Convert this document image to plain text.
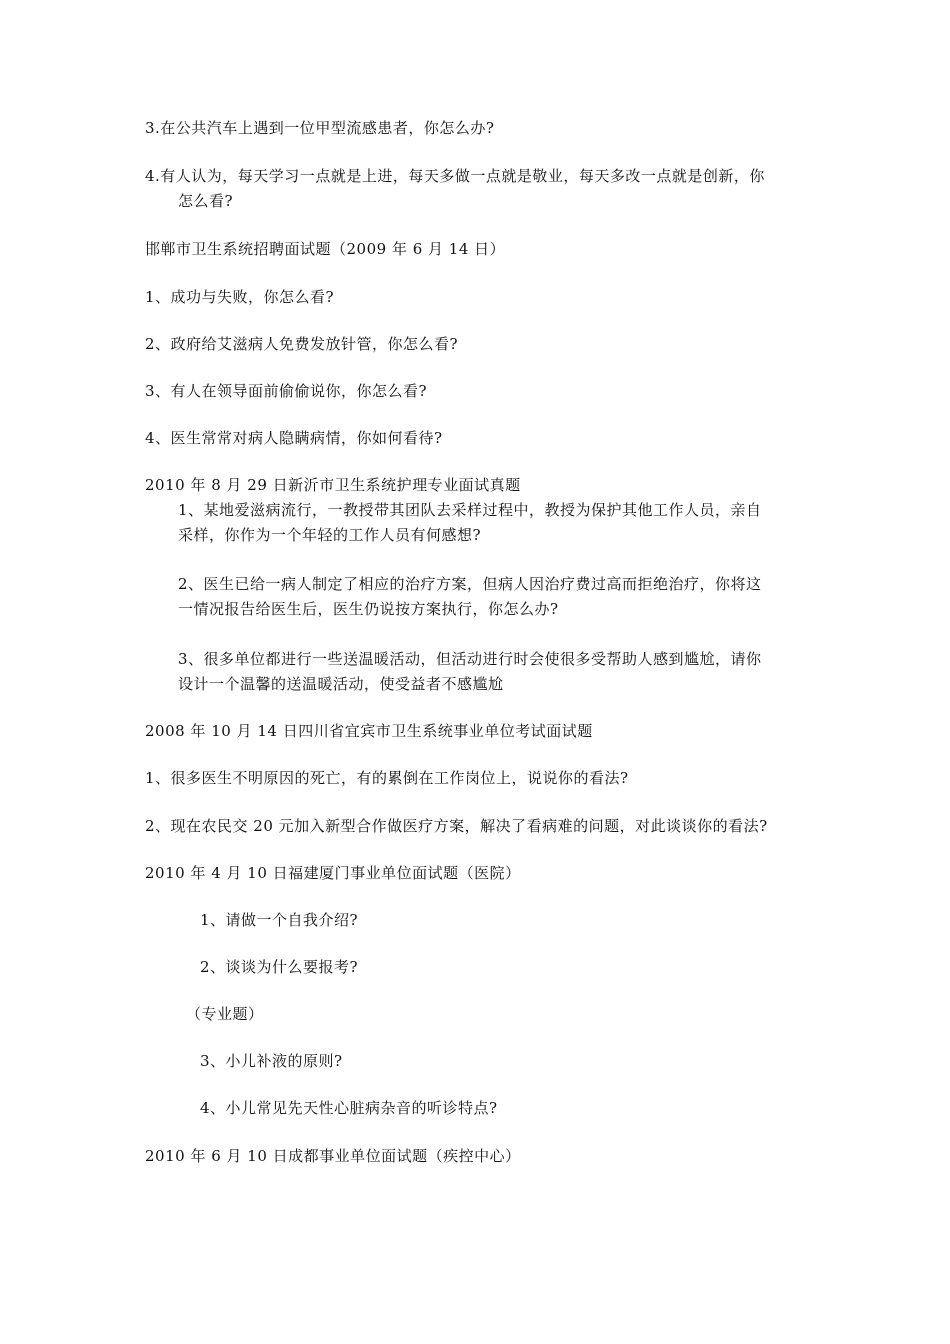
3.在公共汽车上遇到一位甲型流感患者，你怎么办?
4.有人认为，每天学习一点就是上进，每天多做一点就是敬业，每天多改一点就是创新，你
怎么看?
邯郸市卫生系统招聘面试题（2009 年 6 月 14 日）
1、成功与失败，你怎么看?
2、政府给艾滋病人免费发放针管，你怎么看?
3、有人在领导面前偷偷说你，你怎么看?
4、医生常常对病人隐瞒病情，你如何看待?
2010 年 8 月 29 日新沂市卫生系统护理专业面试真题
1、某地爱滋病流行，一教授带其团队去采样过程中，教授为保护其他工作人员，亲自
采样，你作为一个年轻的工作人员有何感想?
2、医生已给一病人制定了相应的治疗方案，但病人因治疗费过高而拒绝治疗，你将这
一情况报告给医生后，医生仍说按方案执行，你怎么办?
3、很多单位都进行一些送温暖活动，但活动进行时会使很多受帮助人感到尴尬，请你
设计一个温馨的送温暖活动，使受益者不感尴尬
2008 年 10 月 14 日四川省宜宾市卫生系统事业单位考试面试题
1、很多医生不明原因的死亡，有的累倒在工作岗位上，说说你的看法?
2、现在农民交 20 元加入新型合作做医疗方案，解决了看病难的问题，对此谈谈你的看法?
2010 年 4 月 10 日福建厦门事业单位面试题（医院）
1、请做一个自我介绍?
2、谈谈为什么要报考?
（专业题）
3、小儿补液的原则?
4、小儿常见先天性心脏病杂音的听诊特点?
2010 年 6 月 10 日成都事业单位面试题（疾控中心）
